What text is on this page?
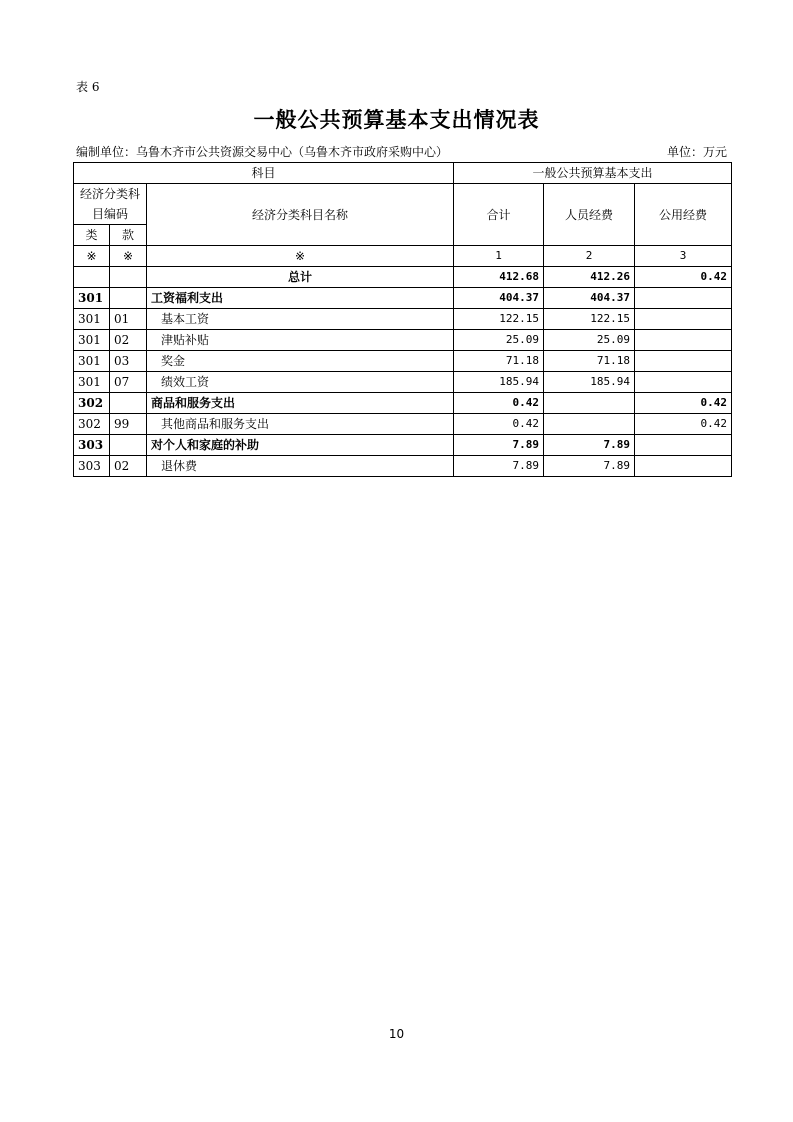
表 6
一般公共预算基本支出情况表
编制单位：乌鲁木齐市公共资源交易中心（乌鲁木齐市政府采购中心）	单位：万元
科目			一般公共预算基本支出		
经济分类科目编码		经济分类科目名称	合计	人员经费	公用经费

类	款				
※	※	※	1	2	3
		总计	412.68	412.26	0.42
301		工资福利支出	404.37	404.37	
301	01	基本工资	122.15	122.15	
301	02	津贴补贴	25.09	25.09	
301	03	奖金	71.18	71.18	
301	07	绩效工资	185.94	185.94	
302		商品和服务支出	0.42		0.42
302	99	其他商品和服务支出	0.42		0.42
303		对个人和家庭的补助	7.89	7.89	
303	02	退休费	7.89	7.89	
10
